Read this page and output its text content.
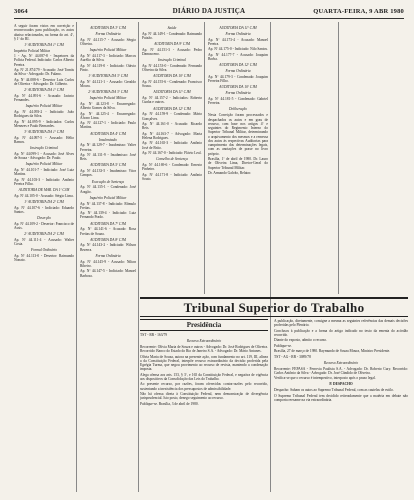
3064	DIÁRIO DA JUSTIÇA	QUARTA-FEIRA, 9 ABR 1980

A seguir foram vistos em correição e reconvocados para publicação, os autos abaixo relacionados, na forma do art. 4º, § 1º do RI.

1ª AUDITORIA DA 1ª CJM

Inquérito Policial Militar

1 - Ap. Nº 44.087-8 - Inspetores da Polícia Federal. Indiciado: Carlos Alberto Pereira.

Ap. Nº 21.874/79 - Acusado: José Tomás da Silva - Advogado: Dr. Fulano.

Ap. Nº 44.088-6 - Desertor Luiz Carlos de Oliveira - Advogado: Dr. Gilberto.

2ª AUDITORIA DA 1ª CJM

Ap. Nº 44.091-6 - Acusado: Jacinto Fernandes.

Inquérito Policial Militar

Ap. Nº 44.093-2 - Indiciado: João Rodrigues da Silva.

Ap. Nº 44.095-9 - Indiciados: Carlos Menezes e Paulo Bernardes.

3ª AUDITORIA DA 1ª CJM

Ap. Nº 44.097-5 - Acusado: Hélio Ramos.

Instrução Criminal

Ap. Nº 44.099-1 - Acusado: José Alves de Souza - Advogado: Dr. Paulo.

Inquérito Policial Militar

Ap. Nº 44.101-7 - Indiciado: José Luiz Martins.

Ap. Nº 44.103-3 - Indiciado: Antônio Pereira Filho.

AUDITORIA DE MAR. DA 1ª CJM

Ap. Nº 44.105-0 - Acusado: Sérgio Lima.

1ª AUDITORIA DA 2ª CJM

Ap. Nº 44.107-6 - Indiciado: Eduardo Santos.

Deserção

Ap. Nº 44.109-2 - Desertor: Francisco de Assis.

2ª AUDITORIA DA 2ª CJM

Ap. Nº 44.111-4 - Acusado: Walter Costa.

Formal Ordinário

Ap. Nº 44.113-0 - Desertor: Raimundo Nonato.

AUDITORIA DA 3ª CJM

Forma Ordinária

Ap. Nº 44.115-7 - Acusado: Sérgio Oliveira.

Inquérito Policial Militar

Ap. Nº 44.117-3 - Indiciado: Marcos Aurélio da Silva.

Ap. Nº 44.119-0 - Indiciado: Otávio Pinto.

1ª AUDITORIA DA 3ª CJM

Ap. Nº 44.121-1 - Acusado: Geraldo Moura.

2ª AUDITORIA DA 3ª CJM

Inquérito Policial Militar

Ap. Nº 44.123-8 - Encarregado: Alberto Gomes da Silva.

Ap. Nº 44.125-4 - Encarregado: Álvaro Lima.

Ap. Nº 44.127-1 - Indiciado: Paulo Martins.

AUDITORIA DA 4ª CJM

Insubmissão

Ap. Nº 44.129-7 - Insubmisso: Valter Ferreira.

Ap. Nº 44.131-9 - Insubmisso: José Reis.

AUDITORIA DA 5ª CJM

Ap. Nº 44.133-5 - Insubmisso: Vitor Campos.

Execução de Sentença

Ap. Nº 44.135-1 - Condenado: José Aragão.

Inquérito Policial Militar

Ap. Nº 44.137-8 - Indiciado: Rômulo Freitas.

Ap. Nº 44.139-4 - Indiciado: Luiz Fernando Prado.

AUDITORIA DA 7ª CJM

Ap. Nº 44.141-6 - Acusado: Rosa Freitas de Souza.

AUDITORIA DA 8ª CJM

Ap. Nº 44.143-2 - Indiciado: Wilson Bezerra.

Forma Ordinária

Ap. Nº 44.145-9 - Acusado: Nilton Ribeiro.

Ap. Nº 44.147-5 - Indiciado: Manoel Barbosa.

Saúde

Ap. Nº 44.149-1 - Condenado: Raimundo Paixão.

AUDITORIA DA 9ª CJM

Ap. Nº 44.151-3 - Acusado: Pedro Damasceno.

Instrução Criminal

Ap. Nº 44.153-0 - Condenado: Fernando Oliveira da Silva.

AUDITORIA DA 10ª CJM

Ap. Nº 44.155-6 - Condenado: Francisco Sousa.

AUDITORIA DA 11ª CJM

Ap. Nº 44.157-2 - Indiciados: Roberto Cunha e outros.

AUDITORIA DA 12ª CJM

Ap. Nº 44.159-9 - Condenado: Mário Gonçalves.

Ap. Nº 44.161-0 - Acusado: Ricardo Reis.

Ap. Nº 44.163-7 - Advogado: Maria Helena Rodrigues.

Ap. Nº 44.165-3 - Indiciado: Antônio José de Brito.

Ap. Nº 44.167-0 - Indiciado: Flávio Leal.

Conselho de Sentença

Ap. Nº 44.169-6 - Condenado: Ernesto Pinheiro.

Ap. Nº 44.171-8 - Indiciado: Antônio Souto.

AUDITORIA DA 11ª CJM

Forma Ordinária

Ap. Nº 44.173-4 - Acusado: Manoel Pereira.

Ap. Nº 44.175-0 - Indiciado: Nilo Santos.

Ap. Nº 44.177-7 - Acusado: Joaquim Borba.

AUDITORIA DA 12ª CJM

Forma Ordinária

Ap. Nº 44.179-3 - Condenado: Joaquim Ferreira Filho.

AUDITORIA DA 10ª CJM

Forma Ordinária

Ap. Nº 44.181-5 - Condenado: Gabriel Ferreira.

Deliberação

Nesta Correição foram processados e despachados os autos e em grau de recurso, com base nos artigos 4º e seguintes do Regimento Interno do Superior Tribunal Militar, determinando o arquivamento dos mesmos e a remessa dos autos às respectivas Auditorias para cumprimento das determinações legais, com as anotações de praxe no livro próprio.

Brasília, 1º de abril de 1980. Dr. Lauro de Oliveira Lima, Diretor-Geral do Superior Tribunal Militar.

Dr. Armando Galvão, Relator.

Tribunal Superior do Trabalho
Presidência

TST - RR - 163/79

Recurso Extraordinário

Recorrente: Olívia Maria de Souza e outros - Advogado: Dr. José Rodrigues de Oliveira. Recorrido: Banco do Estado do Rio de Janeiro S.A. - Advogado: Dr. Mário Antunes.

Olívia Maria de Souza, autora na presente ação, com fundamento no art. 119, III, alínea a da Constituição Federal, interpõe recurso extraordinário da decisão proferida pela Egrégia Turma, que negou provimento ao recurso de revista, mantendo a condenação imposta.

Alega ofensa aos arts. 153, § 3º, e 165 da Constituição Federal, e negativa de vigência aos dispositivos da Consolidação das Leis do Trabalho.

Ao presente recurso, por razões, foram oferecidas contra-razões pelo recorrido, sustentando a inexistência dos pressupostos de admissibilidade.

Não há ofensa direta à Constituição Federal, nem demonstração de divergência jurisprudencial. Isto posto, denego seguimento ao recurso.

Publique-se. Brasília, 3 de abril de 1980.

A publicação, diretamente, consigne a mesma as seguintes referências das demais decisões proferidas pelo Plenário.

Conclusos à publicação e a forma do artigo indicado no texto da ementa do acórdão recorrido.

Diante do exposto, admito o recurso.

Publique-se.

Brasília, 27 de março de 1980. Raymundo de Souza Moura, Ministro Presidente.

TST - AG - RR - 3089/78

Recurso Extraordinário

Recorrente: FEPASA - Ferrovia Paulista S.A. - Advogado: Dr. Roberto Cury. Recorrido: Carlos Antônio da Silva - Advogado: Dr. José Cândido de Oliveira.

Verifica-se que o recurso é intempestivo, interposto após o prazo legal.

P. DESPACHO

Despacho: Subam os autos ao Supremo Tribunal Federal, com as cautelas de estilo.

O Supremo Tribunal Federal tem decidido reiteradamente que a matéria em debate não comporta reexame na via extraordinária.
